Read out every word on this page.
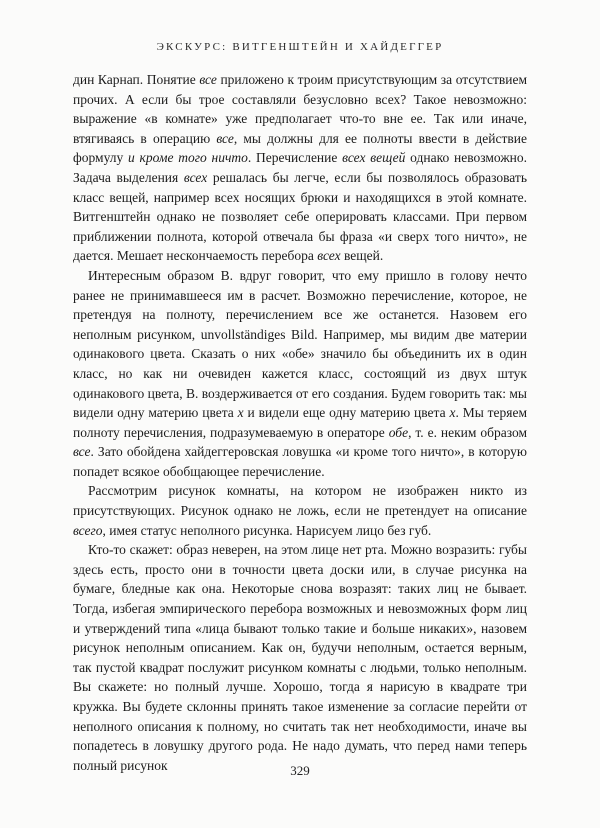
ЭКСКУРС: ВИТГЕНШТЕЙН И ХАЙДЕГГЕР

дин Карнап. Понятие все приложено к троим присутствующим за отсутствием прочих. А если бы трое составляли безусловно всех? Такое невозможно: выражение «в комнате» уже предполагает что-то вне ее. Так или иначе, втягиваясь в операцию все, мы должны для ее полноты ввести в действие формулу и кроме того ничто. Перечисление всех вещей однако невозможно. Задача выделения всех решалась бы легче, если бы позволялось образовать класс вещей, например всех носящих брюки и находящихся в этой комнате. Витгенштейн однако не позволяет себе оперировать классами. При первом приближении полнота, которой отвечала бы фраза «и сверх того ничто», не дается. Мешает нескончаемость перебора всех вещей.

Интересным образом В. вдруг говорит, что ему пришло в голову нечто ранее не принимавшееся им в расчет. Возможно перечисление, которое, не претендуя на полноту, перечислением все же останется. Назовем его неполным рисунком, unvollständiges Bild. Например, мы видим две материи одинакового цвета. Сказать о них «обе» значило бы объединить их в один класс, но как ни очевиден кажется класс, состоящий из двух штук одинакового цвета, В. воздерживается от его создания. Будем говорить так: мы видели одну материю цвета x и видели еще одну материю цвета x. Мы теряем полноту перечисления, подразумеваемую в операторе обе, т. е. неким образом все. Зато обойдена хайдеггеровская ловушка «и кроме того ничто», в которую попадет всякое обобщающее перечисление.

Рассмотрим рисунок комнаты, на котором не изображен никто из присутствующих. Рисунок однако не ложь, если не претендует на описание всего, имея статус неполного рисунка. Нарисуем лицо без губ.

Кто-то скажет: образ неверен, на этом лице нет рта. Можно возразить: губы здесь есть, просто они в точности цвета доски или, в случае рисунка на бумаге, бледные как она. Некоторые снова возразят: таких лиц не бывает. Тогда, избегая эмпирического перебора возможных и невозможных форм лиц и утверждений типа «лица бывают только такие и больше никаких», назовем рисунок неполным описанием. Как он, будучи неполным, остается верным, так пустой квадрат послужит рисунком комнаты с людьми, только неполным. Вы скажете: но полный лучше. Хорошо, тогда я нарисую в квадрате три кружка. Вы будете склонны принять такое изменение за согласие перейти от неполного описания к полному, но считать так нет необходимости, иначе вы попадетесь в ловушку другого рода. Не надо думать, что перед нами теперь полный рисунок	329
